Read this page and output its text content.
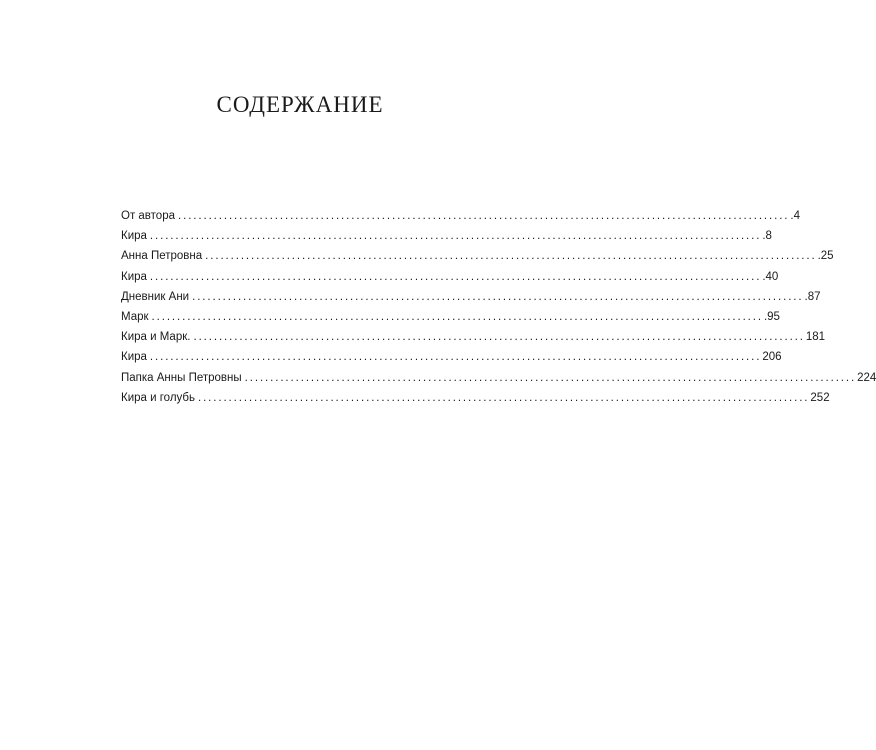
СОДЕРЖАНИЕ
От автора ........................................................................................................................ .4
Кира ........................................................................................................................ .8
Анна Петровна ........................................................................................................................ .25
Кира ........................................................................................................................ .40
Дневник Ани ........................................................................................................................ .87
Марк ........................................................................................................................ .95
Кира и Марк. ........................................................................................................................ 181
Кира ........................................................................................................................ 206
Папка Анны Петровны ........................................................................................................................ 224
Кира и голубь ........................................................................................................................ 252
